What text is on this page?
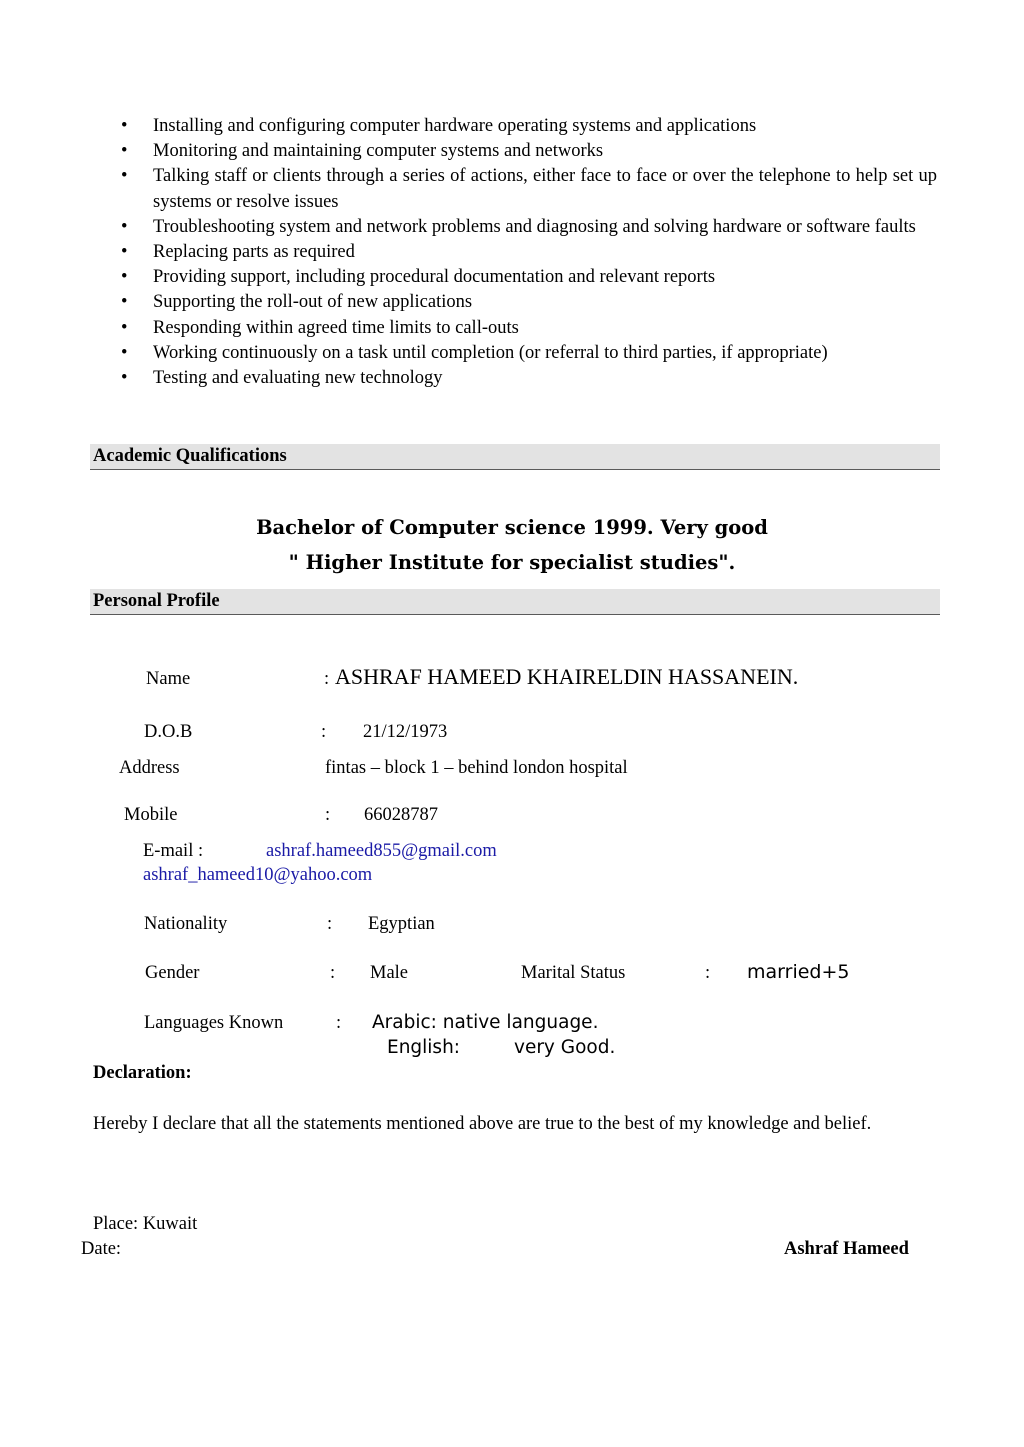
• Installing and configuring computer hardware operating systems and applications
• Monitoring and maintaining computer systems and networks
• Talking staff or clients through a series of actions, either face to face or over the telephone to help set up systems or resolve issues
• Troubleshooting system and network problems and diagnosing and solving hardware or software faults
• Replacing parts as required
• Providing support, including procedural documentation and relevant reports
• Supporting the roll-out of new applications
• Responding within agreed time limits to call-outs
• Working continuously on a task until completion (or referral to third parties, if appropriate)
• Testing and evaluating new technology
Academic Qualifications
Bachelor of Computer science 1999. Very good
" Higher Institute for specialist studies".
Personal Profile
Name	: ASHRAF HAMEED KHAIRELDIN HASSANEIN.
D.O.B	: 21/12/1973
Address	fintas – block 1 – behind london hospital
Mobile	: 66028787
E-mail :	ashraf.hameed855@gmail.com
ashraf_hameed10@yahoo.com
Nationality	: Egyptian
Gender	: Male	Marital Status	: married+5
Languages Known	: Arabic: native language.
English:	very Good.
Declaration:
Hereby I declare that all the statements mentioned above are true to the best of my knowledge and belief.
Place: Kuwait
Date:	Ashraf Hameed
